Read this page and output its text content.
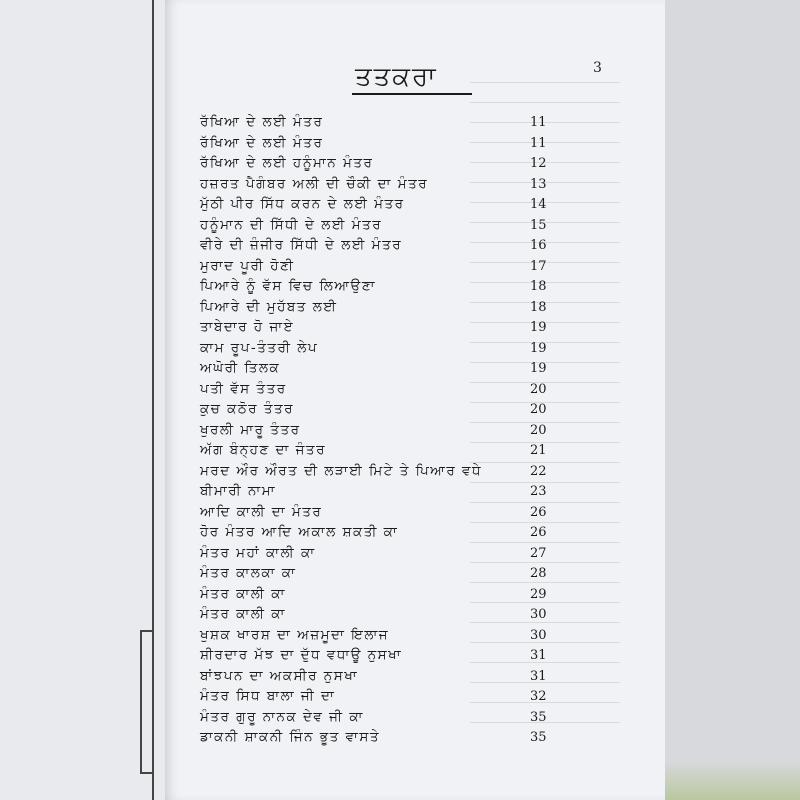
3
ਤਤਕਰਾ
ਰੱਖਿਆ ਦੇ ਲਈ ਮੰਤਰ	11
ਰੱਖਿਆ ਦੇ ਲਈ ਮੰਤਰ	11
ਰੱਖਿਆ ਦੇ ਲਈ ਹਨੂੰਮਾਨ ਮੰਤਰ	12
ਹਜ਼ਰਤ ਪੈਗੰਬਰ ਅਲੀ ਦੀ ਚੌਕੀ ਦਾ ਮੰਤਰ	13
ਮੁੱਠੀ ਪੀਰ ਸਿੱਧ ਕਰਨ ਦੇ ਲਈ ਮੰਤਰ	14
ਹਨੂੰਮਾਨ ਦੀ ਸਿੱਧੀ ਦੇ ਲਈ ਮੰਤਰ	15
ਵੀਰੇ ਦੀ ਜ਼ੰਜੀਰ ਸਿੱਧੀ ਦੇ ਲਈ ਮੰਤਰ	16
ਮੁਰਾਦ ਪੂਰੀ ਹੋਣੀ	17
ਪਿਆਰੇ ਨੂੰ ਵੱਸ ਵਿਚ ਲਿਆਉਣਾ	18
ਪਿਆਰੇ ਦੀ ਮੁਹੱਬਤ ਲਈ	18
ਤਾਬੇਦਾਰ ਹੋ ਜਾਏ	19
ਕਾਮ ਰੂਪ-ਤੰਤਰੀ ਲੇਪ	19
ਅਘੋਰੀ ਤਿਲਕ	19
ਪਤੀ ਵੱਸ ਤੰਤਰ	20
ਕੁਚ ਕਠੋਰ ਤੰਤਰ	20
ਖੁਰਲੀ ਮਾਰੂ ਤੰਤਰ	20
ਅੱਗ ਬੰਨ੍ਹਣ ਦਾ ਜੰਤਰ	21
ਮਰਦ ਔਰ ਔਰਤ ਦੀ ਲੜਾਈ ਮਿਟੇ ਤੇ ਪਿਆਰ ਵਧੇ	22
ਬੀਮਾਰੀ ਨਾਮਾ	23
ਆਦਿ ਕਾਲੀ ਦਾ ਮੰਤਰ	26
ਹੋਰ ਮੰਤਰ ਆਦਿ ਅਕਾਲ ਸ਼ਕਤੀ ਕਾ	26
ਮੰਤਰ ਮਹਾਂ ਕਾਲੀ ਕਾ	27
ਮੰਤਰ ਕਾਲਕਾ ਕਾ	28
ਮੰਤਰ ਕਾਲੀ ਕਾ	29
ਮੰਤਰ ਕਾਲੀ ਕਾ	30
ਖੁਸ਼ਕ ਖਾਰਸ਼ ਦਾ ਅਜ਼ਮੂਦਾ ਇਲਾਜ	30
ਸ਼ੀਰਦਾਰ ਮੱਝ ਦਾ ਦੁੱਧ ਵਧਾਊ ਨੁਸਖਾ	31
ਬਾਂਝਪਨ ਦਾ ਅਕਸੀਰ ਨੁਸਖਾ	31
ਮੰਤਰ ਸਿਧ ਬਾਲਾ ਜੀ ਦਾ	32
ਮੰਤਰ ਗੁਰੂ ਨਾਨਕ ਦੇਵ ਜੀ ਕਾ	35
ਡਾਕਨੀ ਸ਼ਾਕਨੀ ਜਿੰਨ ਭੂਤ ਵਾਸਤੇ	35
